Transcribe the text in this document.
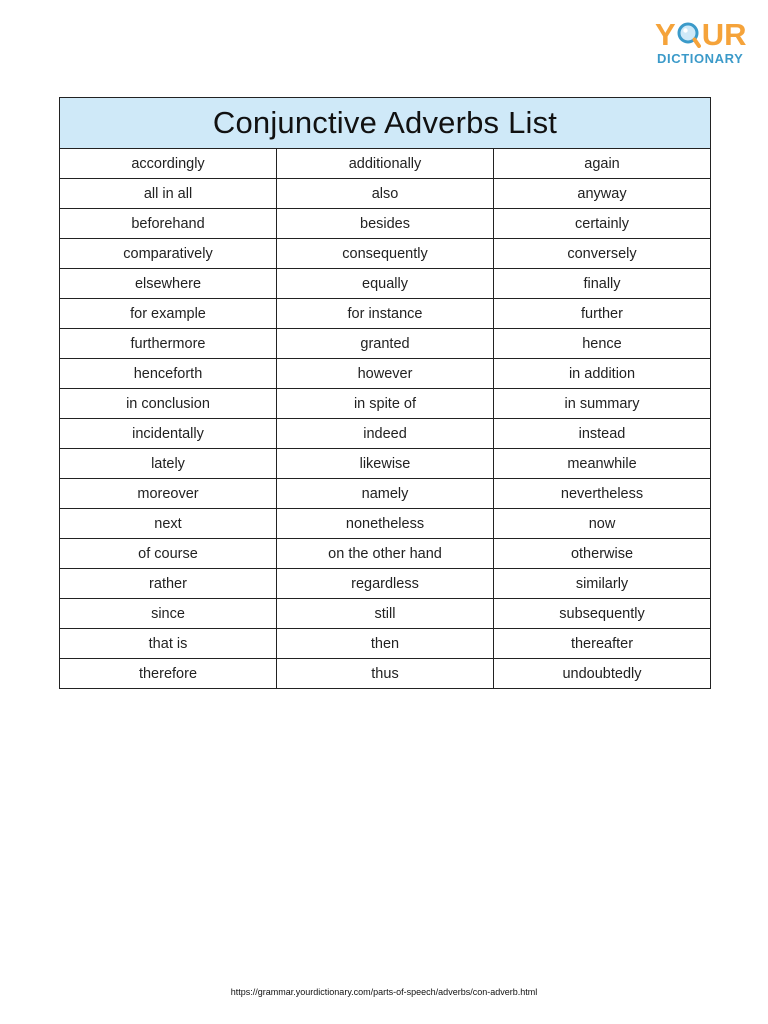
Y UR
DICTIONARY
Conjunctive Adverbs List		
accordingly	additionally	again
all in all	also	anyway
beforehand	besides	certainly
comparatively	consequently	conversely
elsewhere	equally	finally
for example	for instance	further
furthermore	granted	hence
henceforth	however	in addition
in conclusion	in spite of	in summary
incidentally	indeed	instead
lately	likewise	meanwhile
moreover	namely	nevertheless
next	nonetheless	now
of course	on the other hand	otherwise
rather	regardless	similarly
since	still	subsequently
that is	then	thereafter
therefore	thus	undoubtedly
https://grammar.yourdictionary.com/parts-of-speech/adverbs/con-adverb.html
